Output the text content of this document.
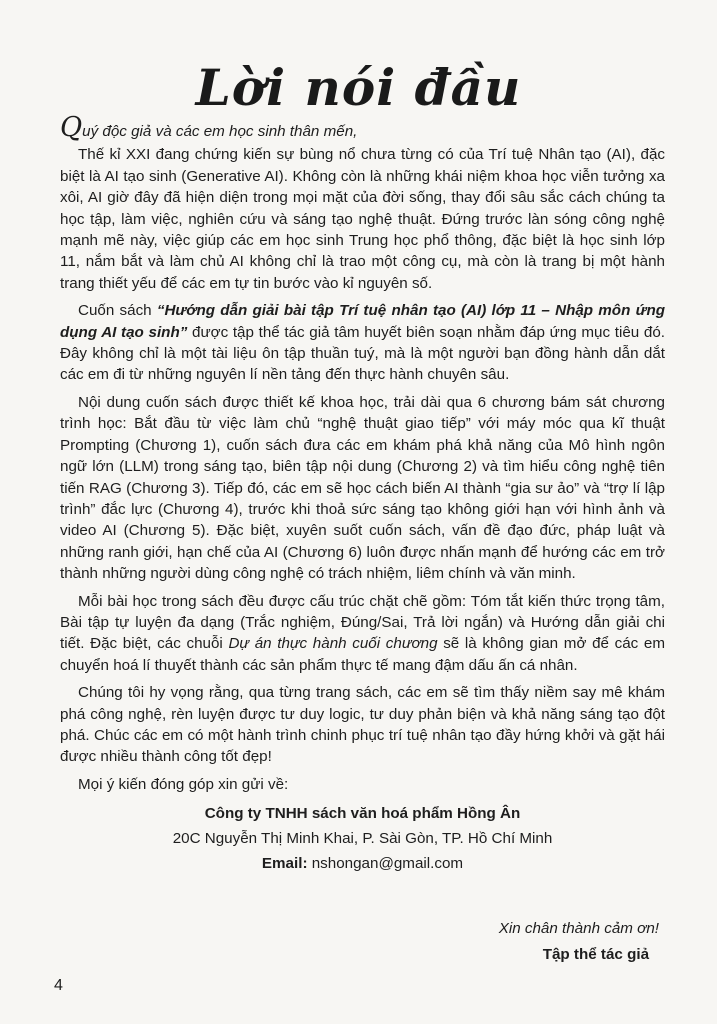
Lời nói đầu

Quý độc giả và các em học sinh thân mến,

Thế kỉ XXI đang chứng kiến sự bùng nổ chưa từng có của Trí tuệ Nhân tạo (AI), đặc biệt là AI tạo sinh (Generative AI). Không còn là những khái niệm khoa học viễn tưởng xa xôi, AI giờ đây đã hiện diện trong mọi mặt của đời sống, thay đổi sâu sắc cách chúng ta học tập, làm việc, nghiên cứu và sáng tạo nghệ thuật. Đứng trước làn sóng công nghệ mạnh mẽ này, việc giúp các em học sinh Trung học phổ thông, đặc biệt là học sinh lớp 11, nắm bắt và làm chủ AI không chỉ là trao một công cụ, mà còn là trang bị một hành trang thiết yếu để các em tự tin bước vào kỉ nguyên số.

Cuốn sách “Hướng dẫn giải bài tập Trí tuệ nhân tạo (AI) lớp 11 – Nhập môn ứng dụng AI tạo sinh” được tập thể tác giả tâm huyết biên soạn nhằm đáp ứng mục tiêu đó. Đây không chỉ là một tài liệu ôn tập thuần tuý, mà là một người bạn đồng hành dẫn dắt các em đi từ những nguyên lí nền tảng đến thực hành chuyên sâu.

Nội dung cuốn sách được thiết kế khoa học, trải dài qua 6 chương bám sát chương trình học: Bắt đầu từ việc làm chủ “nghệ thuật giao tiếp” với máy móc qua kĩ thuật Prompting (Chương 1), cuốn sách đưa các em khám phá khả năng của Mô hình ngôn ngữ lớn (LLM) trong sáng tạo, biên tập nội dung (Chương 2) và tìm hiểu công nghệ tiên tiến RAG (Chương 3). Tiếp đó, các em sẽ học cách biến AI thành “gia sư ảo” và “trợ lí lập trình” đắc lực (Chương 4), trước khi thoả sức sáng tạo không giới hạn với hình ảnh và video AI (Chương 5). Đặc biệt, xuyên suốt cuốn sách, vấn đề đạo đức, pháp luật và những ranh giới, hạn chế của AI (Chương 6) luôn được nhấn mạnh để hướng các em trở thành những người dùng công nghệ có trách nhiệm, liêm chính và văn minh.

Mỗi bài học trong sách đều được cấu trúc chặt chẽ gồm: Tóm tắt kiến thức trọng tâm, Bài tập tự luyện đa dạng (Trắc nghiệm, Đúng/Sai, Trả lời ngắn) và Hướng dẫn giải chi tiết. Đặc biệt, các chuỗi Dự án thực hành cuối chương sẽ là không gian mở để các em chuyển hoá lí thuyết thành các sản phẩm thực tế mang đậm dấu ấn cá nhân.

Chúng tôi hy vọng rằng, qua từng trang sách, các em sẽ tìm thấy niềm say mê khám phá công nghệ, rèn luyện được tư duy logic, tư duy phản biện và khả năng sáng tạo đột phá. Chúc các em có một hành trình chinh phục trí tuệ nhân tạo đầy hứng khởi và gặt hái được nhiều thành công tốt đẹp!

Mọi ý kiến đóng góp xin gửi về:

Công ty TNHH sách văn hoá phẩm Hồng Ân
20C Nguyễn Thị Minh Khai, P. Sài Gòn, TP. Hồ Chí Minh
Email: nshongan@gmail.com
Xin chân thành cảm ơn!
Tập thể tác giả
4
